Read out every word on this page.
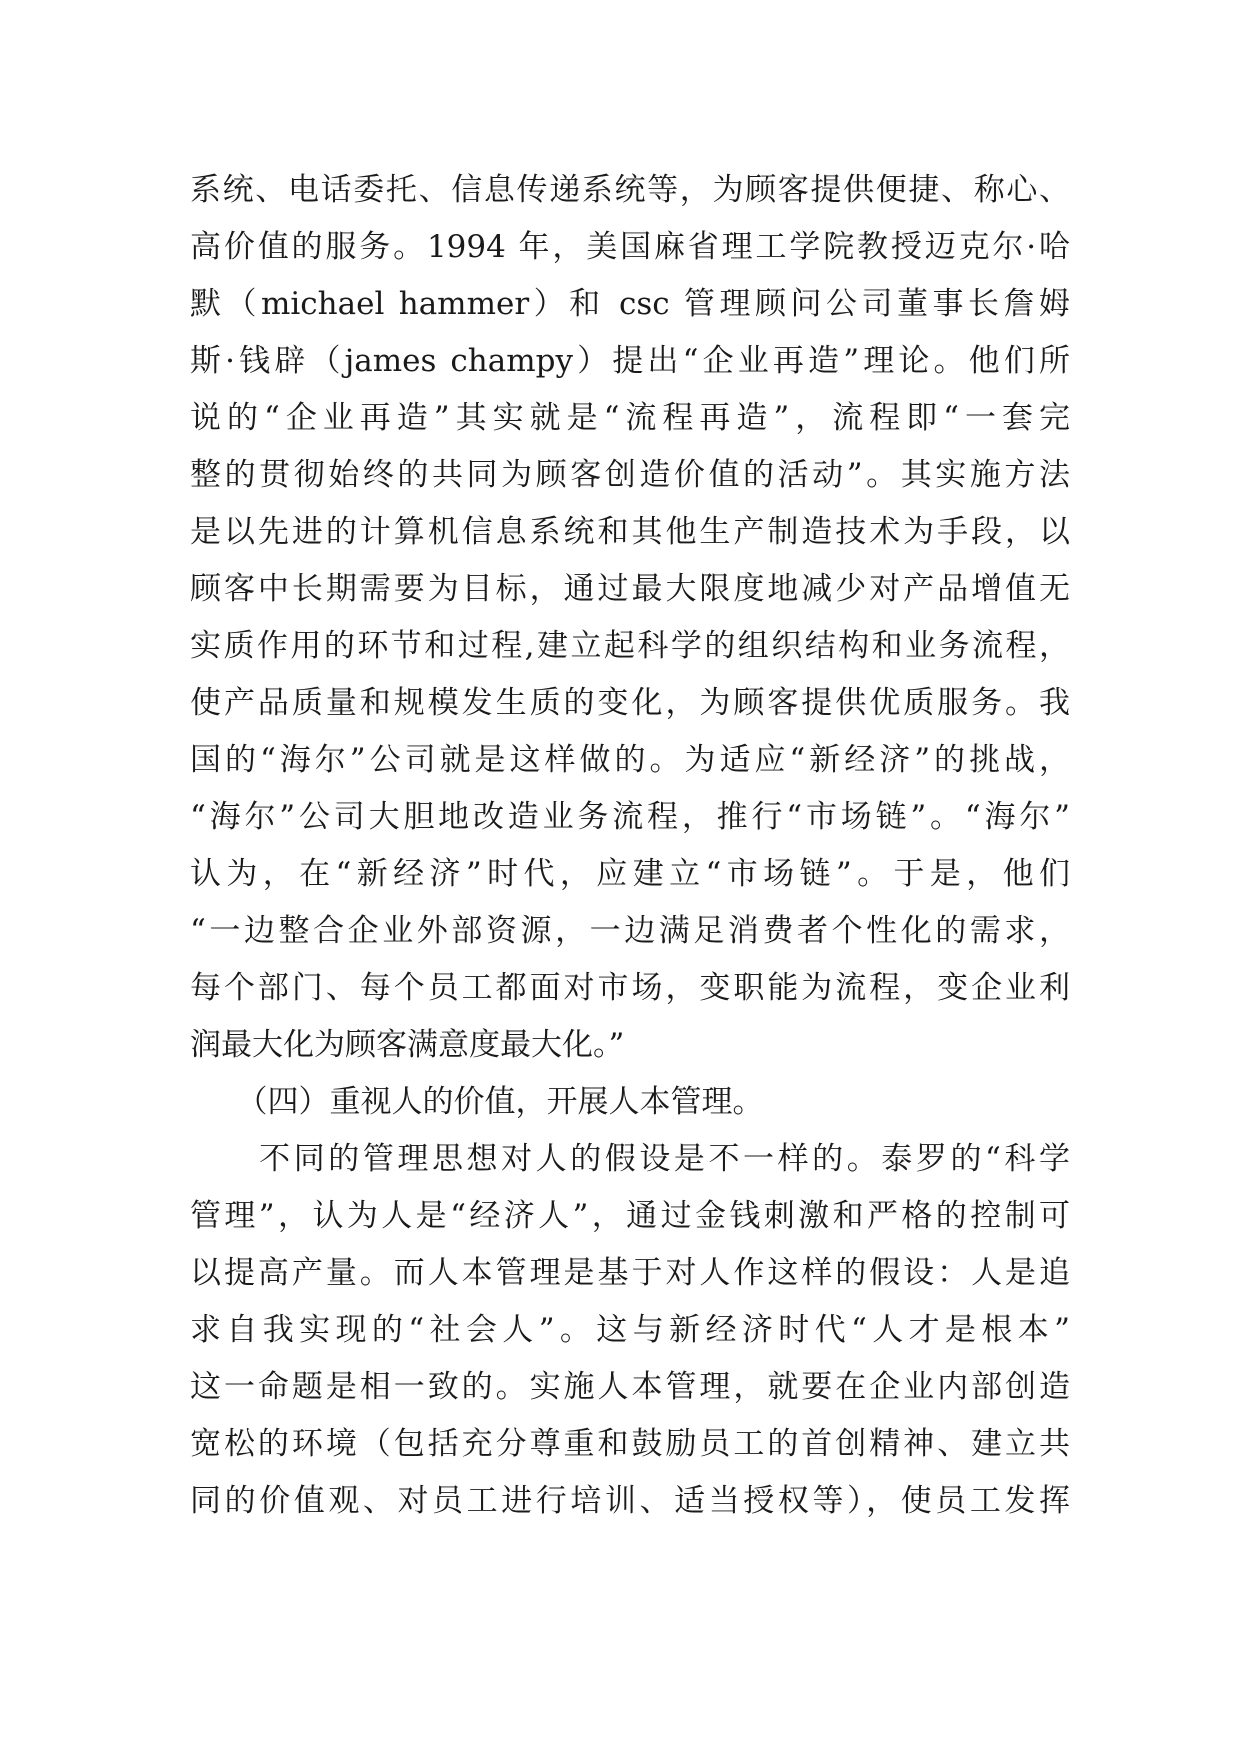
系统、电话委托、信息传递系统等，为顾客提供便捷、称心、
高价值的服务。1994 年，美国麻省理工学院教授迈克尔·哈
默（michael hammer）和 csc 管理顾问公司董事长詹姆
斯·钱辟（james champy）提出“企业再造”理论。他们所
说的“企业再造”其实就是“流程再造”，流程即“一套完
整的贯彻始终的共同为顾客创造价值的活动”。其实施方法
是以先进的计算机信息系统和其他生产制造技术为手段，以
顾客中长期需要为目标，通过最大限度地减少对产品增值无
实质作用的环节和过程,建立起科学的组织结构和业务流程，
使产品质量和规模发生质的变化，为顾客提供优质服务。我
国的“海尔”公司就是这样做的。为适应“新经济”的挑战，
“海尔”公司大胆地改造业务流程，推行“市场链”。“海尔”
认为，在“新经济”时代，应建立“市场链”。于是，他们
“一边整合企业外部资源，一边满足消费者个性化的需求，
每个部门、每个员工都面对市场，变职能为流程，变企业利
润最大化为顾客满意度最大化。”
　　（四）重视人的价值，开展人本管理。
　　不同的管理思想对人的假设是不一样的。泰罗的“科学
管理”，认为人是“经济人”，通过金钱刺激和严格的控制可
以提高产量。而人本管理是基于对人作这样的假设：人是追
求自我实现的“社会人”。这与新经济时代“人才是根本”
这一命题是相一致的。实施人本管理，就要在企业内部创造
宽松的环境（包括充分尊重和鼓励员工的首创精神、建立共
同的价值观、对员工进行培训、适当授权等），使员工发挥
